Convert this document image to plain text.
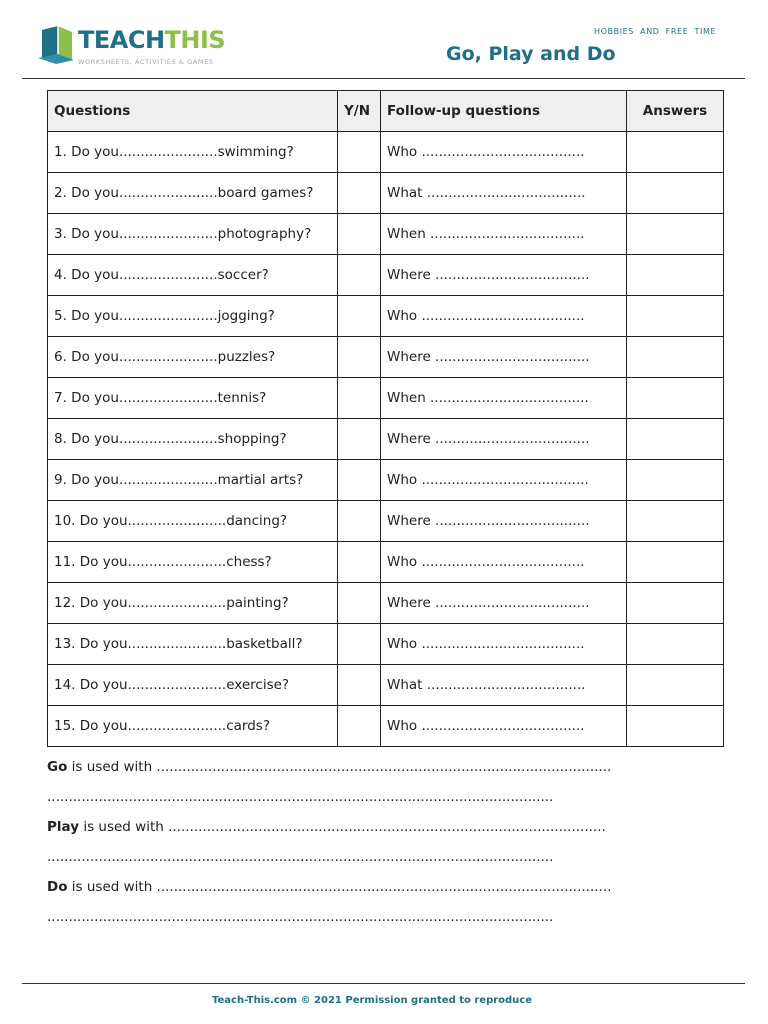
TEACHTHIS
WORKSHEETS, ACTIVITIES & GAMES
HOBBIES AND FREE TIME
Go, Play and Do
Questions	Y/N	Follow-up questions	Answers
1. Do you.......................swimming?		Who ......................................	
2. Do you.......................board games?		What .....................................	
3. Do you.......................photography?		When ....................................	
4. Do you.......................soccer?		Where ....................................	
5. Do you.......................jogging?		Who ......................................	
6. Do you.......................puzzles?		Where ....................................	
7. Do you.......................tennis?		When .....................................	
8. Do you.......................shopping?		Where ....................................	
9. Do you.......................martial arts?		Who .......................................	
10. Do you.......................dancing?		Where ....................................	
11. Do you.......................chess?		Who ......................................	
12. Do you.......................painting?		Where ....................................	
13. Do you.......................basketball?		Who ......................................	
14. Do you.......................exercise?		What .....................................	
15. Do you.......................cards?		Who ......................................	
Go is used with ..........................................................................................................
......................................................................................................................
Play is used with ......................................................................................................
......................................................................................................................
Do is used with ..........................................................................................................
......................................................................................................................
Teach-This.com © 2021 Permission granted to reproduce
